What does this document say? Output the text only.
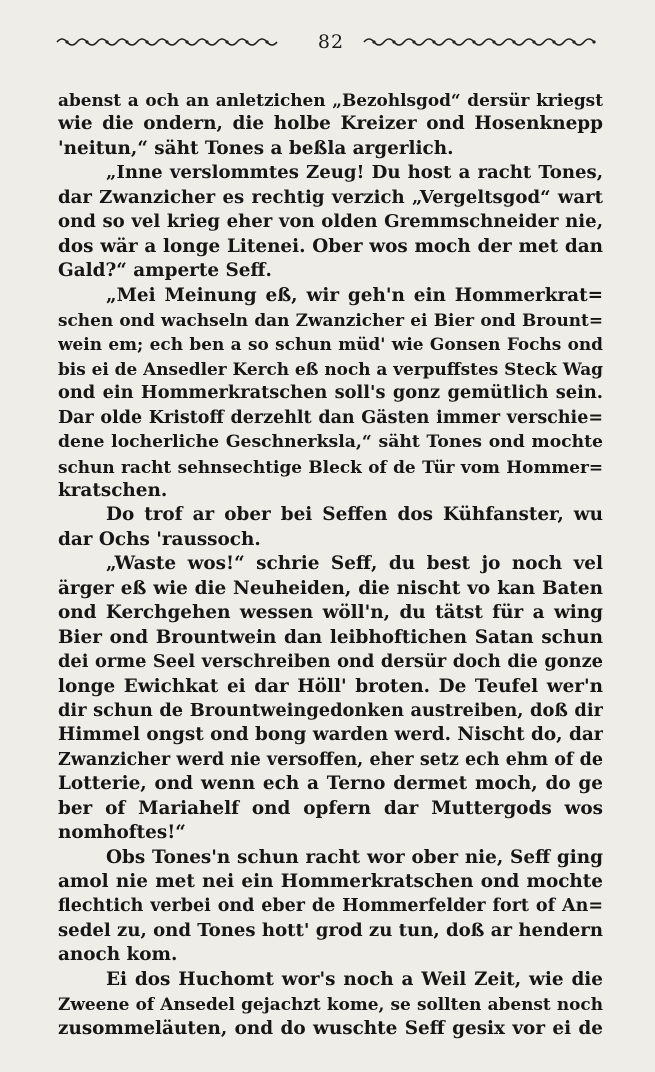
82
abenst a och an anletzichen „Bezohlsgod“ dersür kriegst
wie die ondern, die holbe Kreizer ond Hosenknepp
'neitun,“ säht Tones a beßla argerlich.
„Inne verslommtes Zeug! Du host a racht Tones,
dar Zwanzicher es rechtig verzich „Vergeltsgod“ wart
ond so vel krieg eher von olden Gremmschneider nie,
dos wär a longe Litenei. Ober wos moch der met dan
Gald?“ amperte Seff.
„Mei Meinung eß, wir geh'n ein Hommerkrat=
schen ond wachseln dan Zwanzicher ei Bier ond Brount=
wein em; ech ben a so schun müd' wie Gonsen Fochs ond
bis ei de Ansedler Kerch eß noch a verpuffstes Steck Wag
ond ein Hommerkratschen soll's gonz gemütlich sein.
Dar olde Kristoff derzehlt dan Gästen immer verschie=
dene locherliche Geschnerksla,“ säht Tones ond mochte
schun racht sehnsechtige Bleck of de Tür vom Hommer=
kratschen.
Do trof ar ober bei Seffen dos Kühfanster, wu
dar Ochs 'raussoch.
„Waste wos!“ schrie Seff, du best jo noch vel
ärger eß wie die Neuheiden, die nischt vo kan Baten
ond Kerchgehen wessen wöll'n, du tätst für a wing
Bier ond Brountwein dan leibhoftichen Satan schun
dei orme Seel verschreiben ond dersür doch die gonze
longe Ewichkat ei dar Höll' broten. De Teufel wer'n
dir schun de Brountweingedonken austreiben, doß dir
Himmel ongst ond bong warden werd. Nischt do, dar
Zwanzicher werd nie versoffen, eher setz ech ehm of de
Lotterie, ond wenn ech a Terno dermet moch, do ge
ber of Mariahelf ond opfern dar Muttergods wos
nomhoftes!“
Obs Tones'n schun racht wor ober nie, Seff ging
amol nie met nei ein Hommerkratschen ond mochte
flechtich verbei ond eber de Hommerfelder fort of An=
sedel zu, ond Tones hott' grod zu tun, doß ar hendern
anoch kom.
Ei dos Huchomt wor's noch a Weil Zeit, wie die
Zweene of Ansedel gejachzt kome, se sollten abenst noch
zusommeläuten, ond do wuschte Seff gesix vor ei de
